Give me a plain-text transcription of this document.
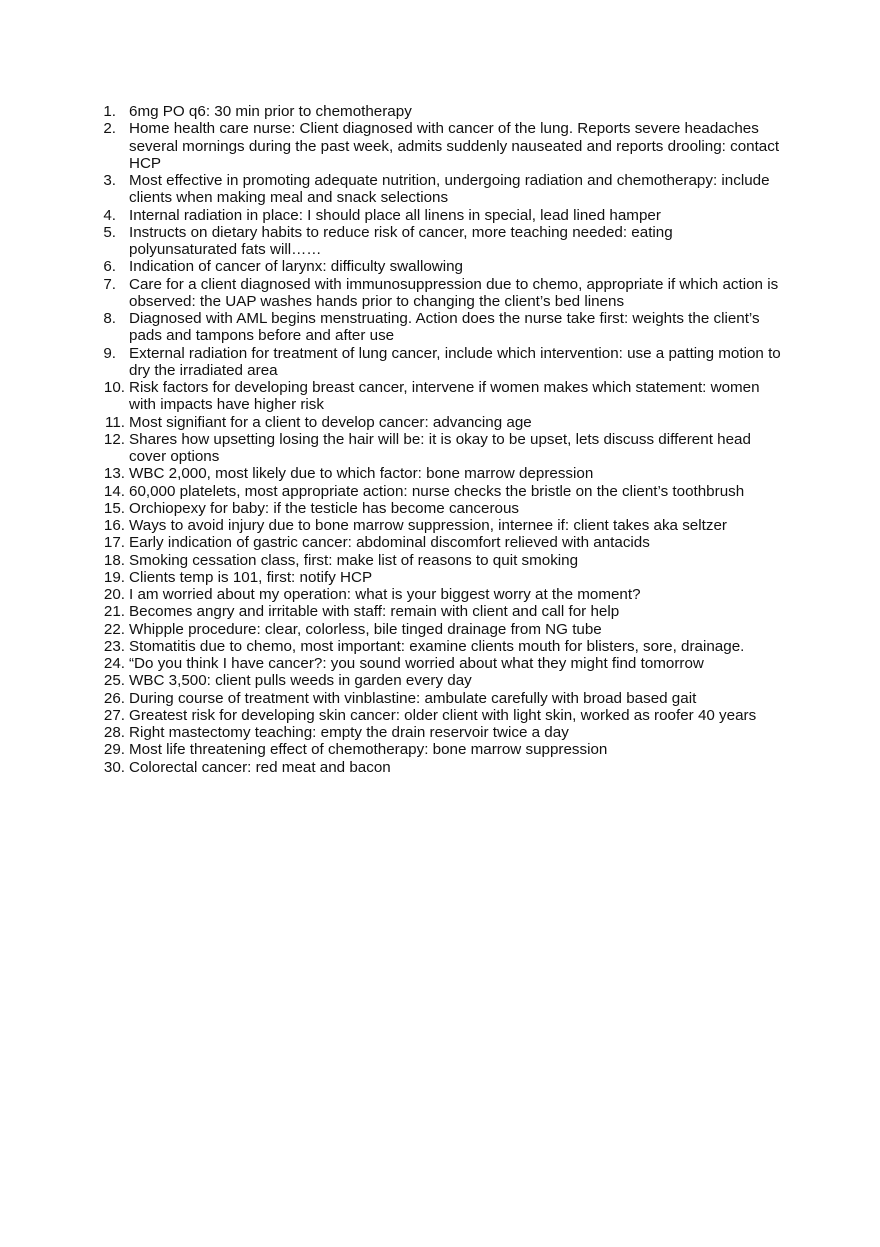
1. 6mg PO q6: 30 min prior to chemotherapy
2. Home health care nurse: Client diagnosed with cancer of the lung. Reports severe headaches several mornings during the past week, admits suddenly nauseated and reports drooling: contact HCP
3. Most effective in promoting adequate nutrition, undergoing radiation and chemotherapy: include clients when making meal and snack selections
4. Internal radiation in place: I should place all linens in special, lead lined hamper
5. Instructs on dietary habits to reduce risk of cancer, more teaching needed: eating polyunsaturated fats will……
6. Indication of cancer of larynx: difficulty swallowing
7. Care for a client diagnosed with immunosuppression due to chemo, appropriate if which action is observed: the UAP washes hands prior to changing the client’s bed linens
8. Diagnosed with AML begins menstruating. Action does the nurse take first: weights the client’s pads and tampons before and after use
9. External radiation for treatment of lung cancer, include which intervention: use a patting motion to dry the irradiated area
10. Risk factors for developing breast cancer, intervene if women makes which statement: women with impacts have higher risk
11. Most signifiant for a client to develop cancer: advancing age
12. Shares how upsetting losing the hair will be: it is okay to be upset, lets discuss different head cover options
13. WBC 2,000, most likely due to which factor: bone marrow depression
14. 60,000 platelets, most appropriate action: nurse checks the bristle on the client’s toothbrush
15. Orchiopexy for baby: if the testicle has become cancerous
16. Ways to avoid injury due to bone marrow suppression, internee if: client takes aka seltzer
17. Early indication of gastric cancer: abdominal discomfort relieved with antacids
18. Smoking cessation class, first: make list of reasons to quit smoking
19. Clients temp is 101, first: notify HCP
20. I am worried about my operation: what is your biggest worry at the moment?
21. Becomes angry and irritable with staff: remain with client and call for help
22. Whipple procedure: clear, colorless, bile tinged drainage from NG tube
23. Stomatitis due to chemo, most important: examine clients mouth for blisters, sore, drainage.
24. “Do you think I have cancer?: you sound worried about what they might find tomorrow
25. WBC 3,500: client pulls weeds in garden every day
26. During course of treatment with vinblastine: ambulate carefully with broad based gait
27. Greatest risk for developing skin cancer: older client with light skin, worked as roofer 40 years
28. Right mastectomy teaching: empty the drain reservoir twice a day
29. Most life threatening effect of chemotherapy: bone marrow suppression
30. Colorectal cancer: red meat and bacon
